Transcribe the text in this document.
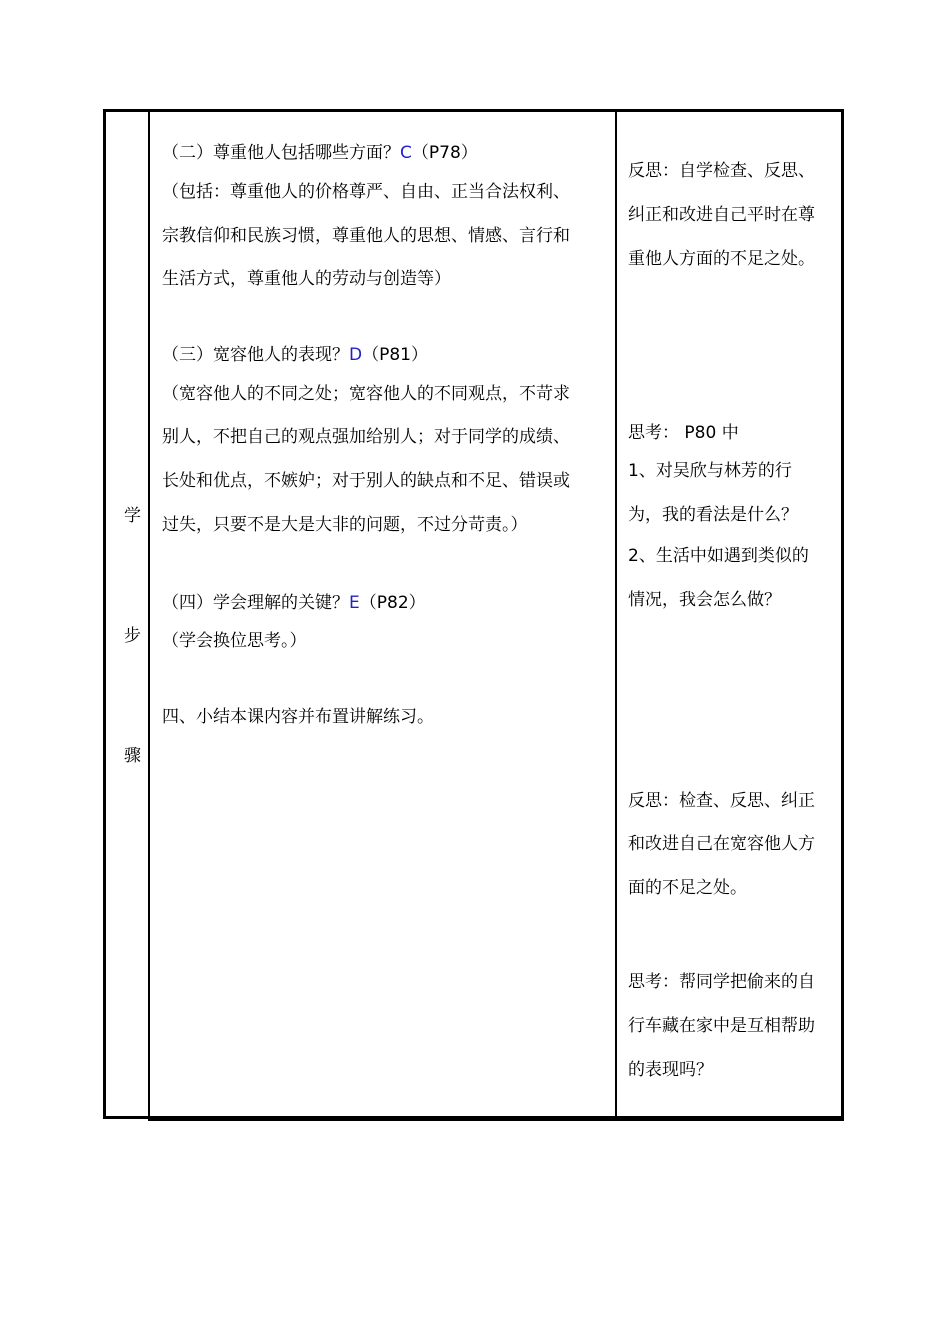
学
步
骤
（二）尊重他人包括哪些方面？C（P78）
（包括：尊重他人的价格尊严、自由、正当合法权利、
宗教信仰和民族习惯，尊重他人的思想、情感、言行和
生活方式，尊重他人的劳动与创造等）
（三）宽容他人的表现？D（P81）
（宽容他人的不同之处；宽容他人的不同观点，不苛求
别人，不把自己的观点强加给别人；对于同学的成绩、
长处和优点，不嫉妒；对于别人的缺点和不足、错误或
过失，只要不是大是大非的问题，不过分苛责。）
（四）学会理解的关键？E（P82）
（学会换位思考。）
四、小结本课内容并布置讲解练习。
反思：自学检查、反思、
纠正和改进自己平时在尊
重他人方面的不足之处。
思考： P80 中
1、对吴欣与林芳的行
为，我的看法是什么？
2、生活中如遇到类似的
情况，我会怎么做？
反思：检查、反思、纠正
和改进自己在宽容他人方
面的不足之处。
思考：帮同学把偷来的自
行车藏在家中是互相帮助
的表现吗？
